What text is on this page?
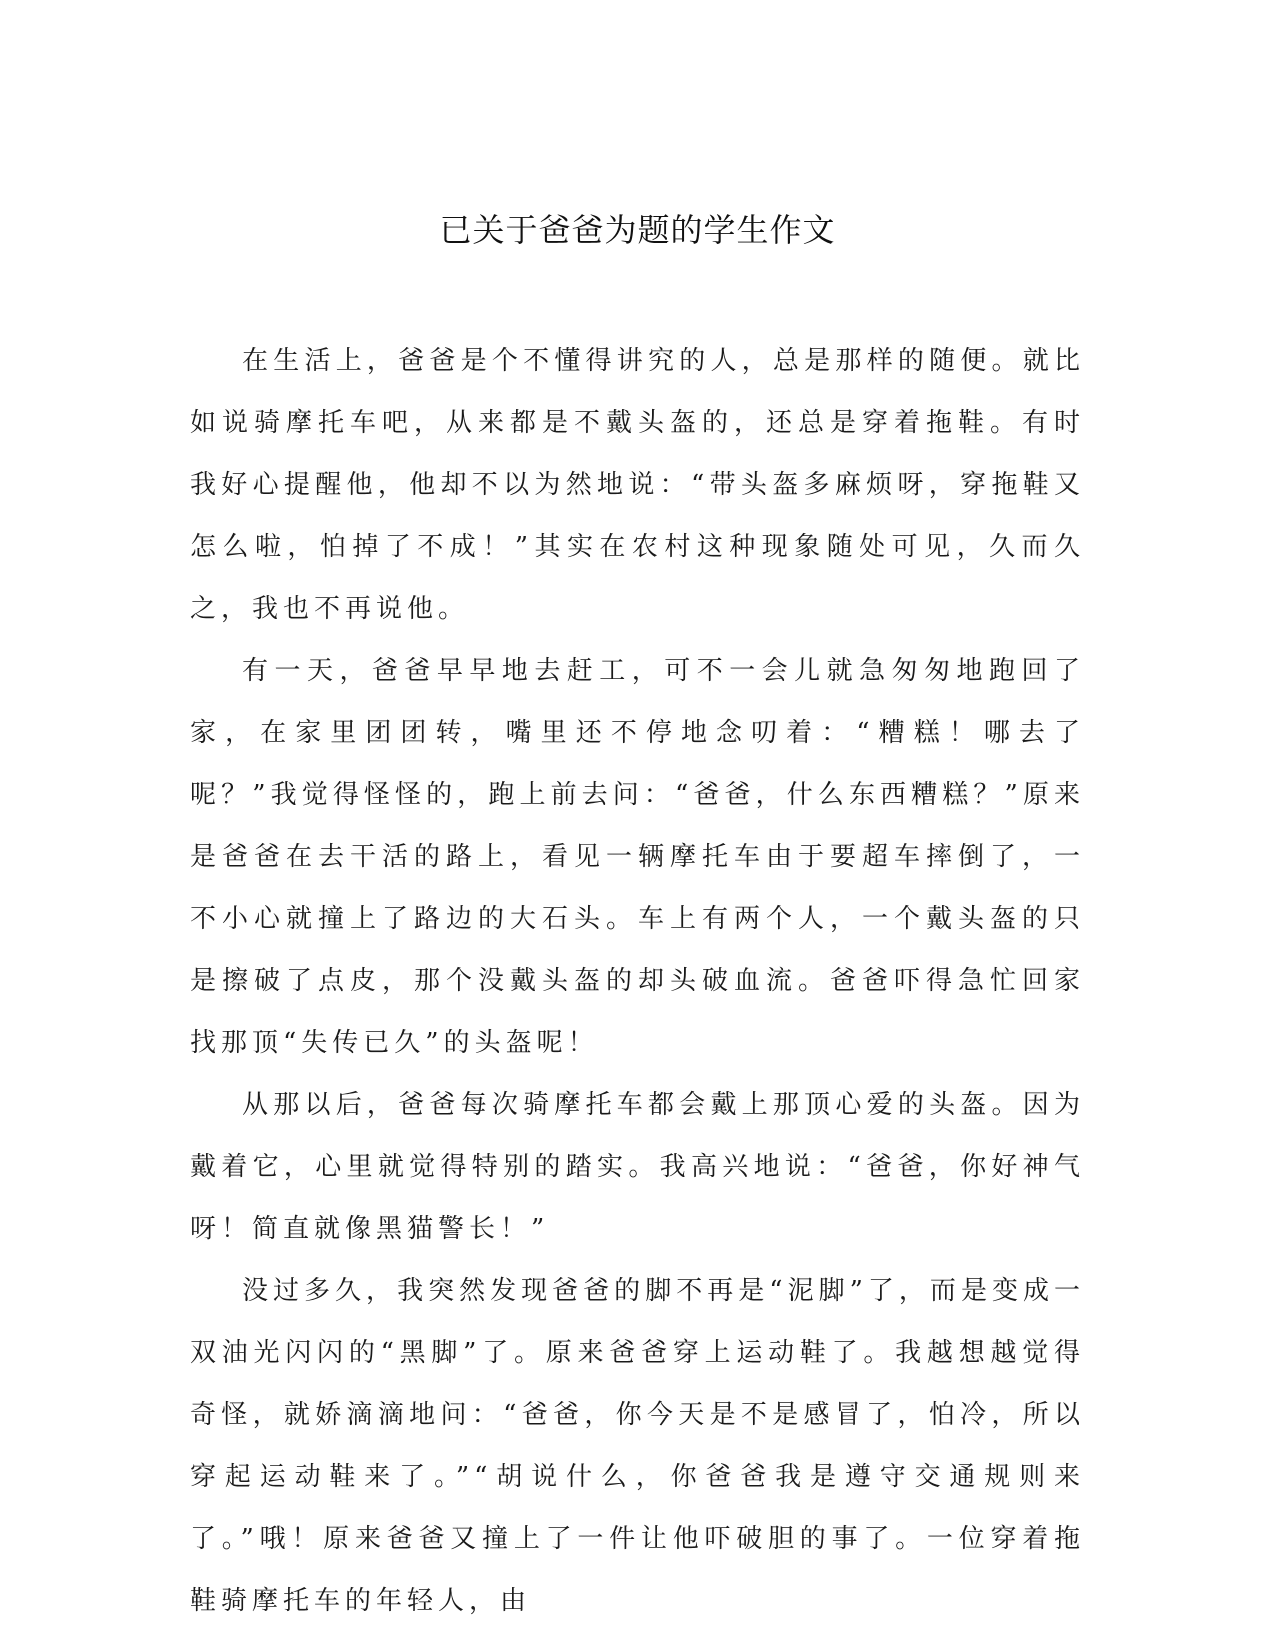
已关于爸爸为题的学生作文

在生活上，爸爸是个不懂得讲究的人，总是那样的随便。就比如说骑摩托车吧，从来都是不戴头盔的，还总是穿着拖鞋。有时我好心提醒他，他却不以为然地说：“带头盔多麻烦呀，穿拖鞋又怎么啦，怕掉了不成！”其实在农村这种现象随处可见，久而久之，我也不再说他。

有一天，爸爸早早地去赶工，可不一会儿就急匆匆地跑回了家，在家里团团转，嘴里还不停地念叨着：“糟糕！哪去了呢？”我觉得怪怪的，跑上前去问：“爸爸，什么东西糟糕？”原来是爸爸在去干活的路上，看见一辆摩托车由于要超车摔倒了，一不小心就撞上了路边的大石头。车上有两个人，一个戴头盔的只是擦破了点皮，那个没戴头盔的却头破血流。爸爸吓得急忙回家找那顶“失传已久”的头盔呢！

从那以后，爸爸每次骑摩托车都会戴上那顶心爱的头盔。因为戴着它，心里就觉得特别的踏实。我高兴地说：“爸爸，你好神气呀！简直就像黑猫警长！”

没过多久，我突然发现爸爸的脚不再是“泥脚”了，而是变成一双油光闪闪的“黑脚”了。原来爸爸穿上运动鞋了。我越想越觉得奇怪，就娇滴滴地问：“爸爸，你今天是不是感冒了，怕冷，所以穿起运动鞋来了。”“胡说什么，你爸爸我是遵守交通规则来了。”哦！原来爸爸又撞上了一件让他吓破胆的事了。一位穿着拖鞋骑摩托车的年轻人，由
